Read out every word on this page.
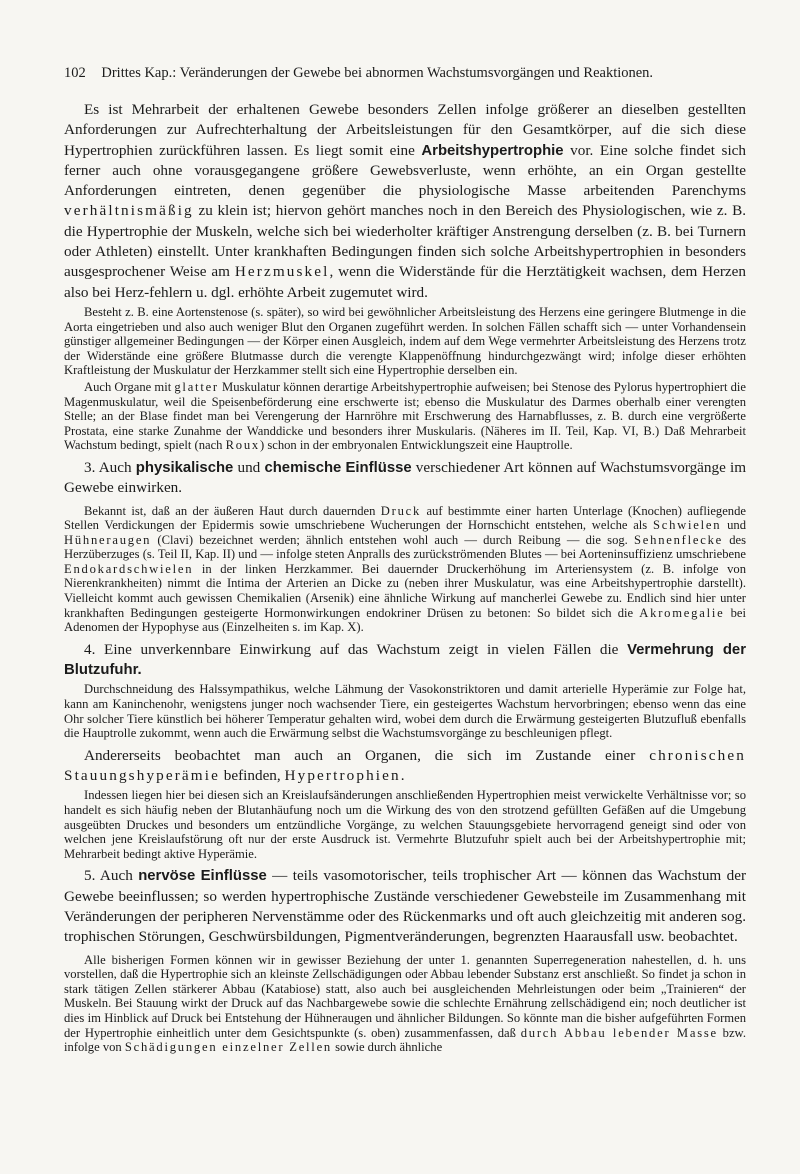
102 Drittes Kap.: Veränderungen der Gewebe bei abnormen Wachstumsvorgängen und Reaktionen.

Es ist Mehrarbeit der erhaltenen Gewebe besonders Zellen infolge größerer an dieselben gestellten Anforderungen zur Aufrechterhaltung der Arbeitsleistungen für den Gesamtkörper, auf die sich diese Hypertrophien zurückführen lassen. Es liegt somit eine Arbeitshypertrophie vor. Eine solche findet sich ferner auch ohne vorausgegangene größere Gewebsverluste, wenn erhöhte, an ein Organ gestellte Anforderungen eintreten, denen gegenüber die physiologische Masse arbeitenden Parenchyms verhältnismäßig zu klein ist; hiervon gehört manches noch in den Bereich des Physiologischen, wie z. B. die Hypertrophie der Muskeln, welche sich bei wiederholter kräftiger Anstrengung derselben (z. B. bei Turnern oder Athleten) einstellt. Unter krankhaften Bedingungen finden sich solche Arbeitshypertrophien in besonders ausgesprochener Weise am Herzmuskel, wenn die Widerstände für die Herztätigkeit wachsen, dem Herzen also bei Herz-fehlern u. dgl. erhöhte Arbeit zugemutet wird.

Besteht z. B. eine Aortenstenose (s. später), so wird bei gewöhnlicher Arbeitsleistung des Herzens eine geringere Blutmenge in die Aorta eingetrieben und also auch weniger Blut den Organen zugeführt werden. In solchen Fällen schafft sich — unter Vorhandensein günstiger allgemeiner Bedingungen — der Körper einen Ausgleich, indem auf dem Wege vermehrter Arbeitsleistung des Herzens trotz der Widerstände eine größere Blutmasse durch die verengte Klappenöffnung hindurchgezwängt wird; infolge dieser erhöhten Kraftleistung der Muskulatur der Herzkammer stellt sich eine Hypertrophie derselben ein.

Auch Organe mit glatter Muskulatur können derartige Arbeitshypertrophie aufweisen; bei Stenose des Pylorus hypertrophiert die Magenmuskulatur, weil die Speisenbeförderung eine erschwerte ist; ebenso die Muskulatur des Darmes oberhalb einer verengten Stelle; an der Blase findet man bei Verengerung der Harnröhre mit Erschwerung des Harnabflusses, z. B. durch eine vergrößerte Prostata, eine starke Zunahme der Wanddicke und besonders ihrer Muskularis. (Näheres im II. Teil, Kap. VI, B.) Daß Mehrarbeit Wachstum bedingt, spielt (nach Roux) schon in der embryonalen Entwicklungszeit eine Hauptrolle.

3. Auch physikalische und chemische Einflüsse verschiedener Art können auf Wachstumsvorgänge im Gewebe einwirken.

Bekannt ist, daß an der äußeren Haut durch dauernden Druck auf bestimmte einer harten Unterlage (Knochen) aufliegende Stellen Verdickungen der Epidermis sowie umschriebene Wucherungen der Hornschicht entstehen, welche als Schwielen und Hühneraugen (Clavi) bezeichnet werden; ähnlich entstehen wohl auch — durch Reibung — die sog. Sehnenflecke des Herzüberzuges (s. Teil II, Kap. II) und — infolge steten Anpralls des zurückströmenden Blutes — bei Aorteninsuffizienz umschriebene Endokardschwielen in der linken Herzkammer. Bei dauernder Druckerhöhung im Arteriensystem (z. B. infolge von Nierenkrankheiten) nimmt die Intima der Arterien an Dicke zu (neben ihrer Muskulatur, was eine Arbeitshypertrophie darstellt). Vielleicht kommt auch gewissen Chemikalien (Arsenik) eine ähnliche Wirkung auf mancherlei Gewebe zu. Endlich sind hier unter krankhaften Bedingungen gesteigerte Hormonwirkungen endokriner Drüsen zu betonen: So bildet sich die Akromegalie bei Adenomen der Hypophyse aus (Einzelheiten s. im Kap. X).

4. Eine unverkennbare Einwirkung auf das Wachstum zeigt in vielen Fällen die Vermehrung der Blutzufuhr.

Durchschneidung des Halssympathikus, welche Lähmung der Vasokonstriktoren und damit arterielle Hyperämie zur Folge hat, kann am Kaninchenohr, wenigstens junger noch wachsender Tiere, ein gesteigertes Wachstum hervorbringen; ebenso wenn das eine Ohr solcher Tiere künstlich bei höherer Temperatur gehalten wird, wobei dem durch die Erwärmung gesteigerten Blutzufluß ebenfalls die Hauptrolle zukommt, wenn auch die Erwärmung selbst die Wachstumsvorgänge zu beschleunigen pflegt.

Andererseits beobachtet man auch an Organen, die sich im Zustande einer chronischen Stauungshyperämie befinden, Hypertrophien.

Indessen liegen hier bei diesen sich an Kreislaufsänderungen anschließenden Hypertrophien meist verwickelte Verhältnisse vor; so handelt es sich häufig neben der Blutanhäufung noch um die Wirkung des von den strotzend gefüllten Gefäßen auf die Umgebung ausgeübten Druckes und besonders um entzündliche Vorgänge, zu welchen Stauungsgebiete hervorragend geneigt sind oder von welchen jene Kreislaufstörung oft nur der erste Ausdruck ist. Vermehrte Blutzufuhr spielt auch bei der Arbeitshypertrophie mit; Mehrarbeit bedingt aktive Hyperämie.

5. Auch nervöse Einflüsse — teils vasomotorischer, teils trophischer Art — können das Wachstum der Gewebe beeinflussen; so werden hypertrophische Zustände verschiedener Gewebsteile im Zusammenhang mit Veränderungen der peripheren Nervenstämme oder des Rückenmarks und oft auch gleichzeitig mit anderen sog. trophischen Störungen, Geschwürsbildungen, Pigmentveränderungen, begrenzten Haarausfall usw. beobachtet.

Alle bisherigen Formen können wir in gewisser Beziehung der unter 1. genannten Superregeneration nahestellen, d. h. uns vorstellen, daß die Hypertrophie sich an kleinste Zellschädigungen oder Abbau lebender Substanz erst anschließt. So findet ja schon in stark tätigen Zellen stärkerer Abbau (Katabiose) statt, also auch bei ausgleichenden Mehrleistungen oder beim „Trainieren“ der Muskeln. Bei Stauung wirkt der Druck auf das Nachbargewebe sowie die schlechte Ernährung zellschädigend ein; noch deutlicher ist dies im Hinblick auf Druck bei Entstehung der Hühneraugen und ähnlicher Bildungen. So könnte man die bisher aufgeführten Formen der Hypertrophie einheitlich unter dem Gesichtspunkte (s. oben) zusammenfassen, daß durch Abbau lebender Masse bzw. infolge von Schädigungen einzelner Zellen sowie durch ähnliche
